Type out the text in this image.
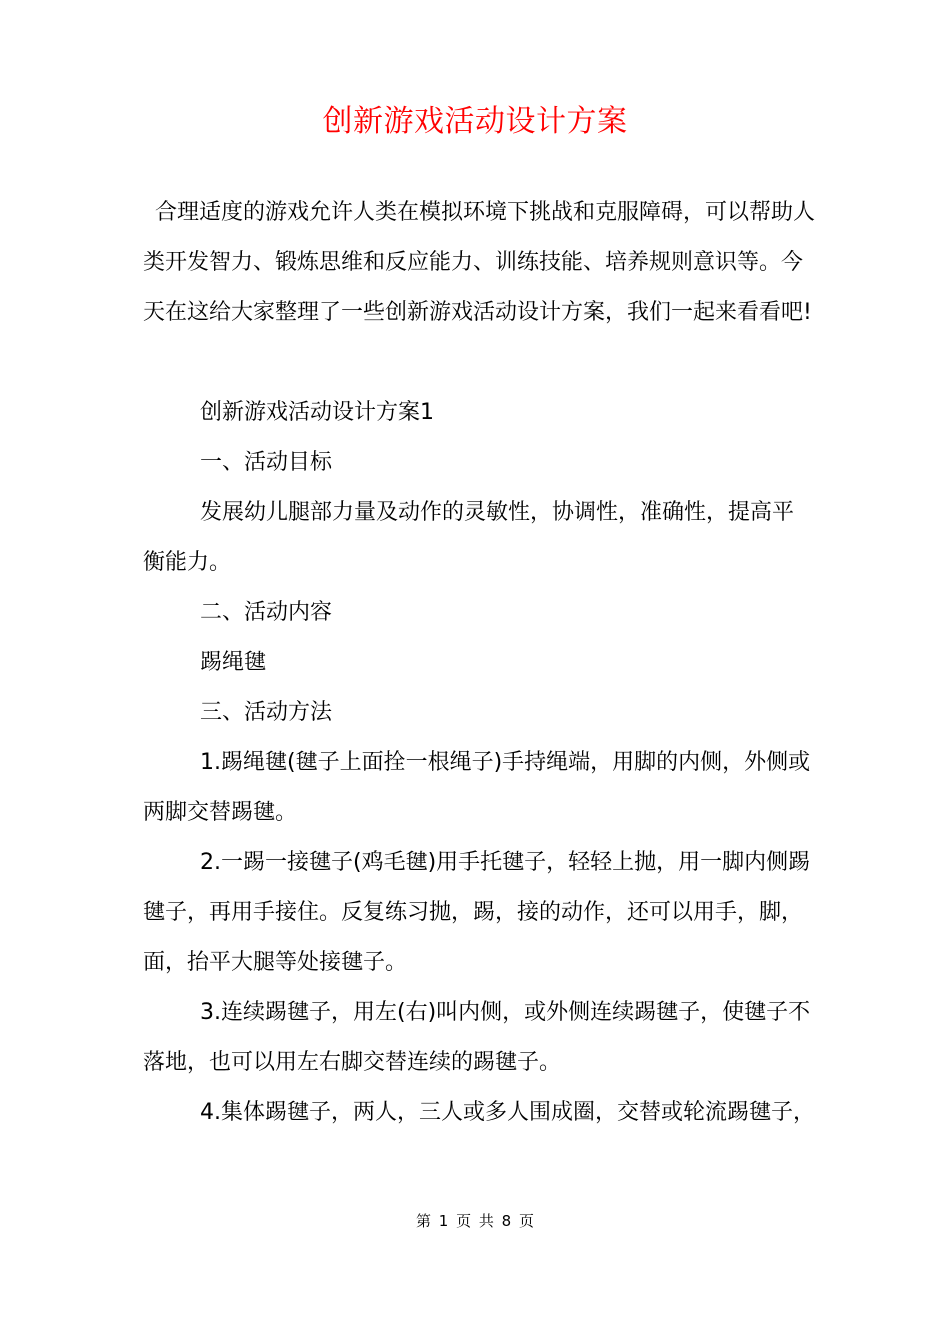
创新游戏活动设计方案

合理适度的游戏允许人类在模拟环境下挑战和克服障碍，可以帮助人类开发智力、锻炼思维和反应能力、训练技能、培养规则意识等。今天在这给大家整理了一些创新游戏活动设计方案，我们一起来看看吧!

创新游戏活动设计方案1

一、活动目标

发展幼儿腿部力量及动作的灵敏性，协调性，准确性，提高平衡能力。

二、活动内容

踢绳毽

三、活动方法

1.踢绳毽(毽子上面拴一根绳子)手持绳端，用脚的内侧，外侧或两脚交替踢毽。

2.一踢一接毽子(鸡毛毽)用手托毽子，轻轻上抛，用一脚内侧踢毽子，再用手接住。反复练习抛，踢，接的动作，还可以用手，脚，面，抬平大腿等处接毽子。

3.连续踢毽子，用左(右)叫内侧，或外侧连续踢毽子，使毽子不落地，也可以用左右脚交替连续的踢毽子。

4.集体踢毽子，两人，三人或多人围成圈，交替或轮流踢毽子，

第 1 页 共 8 页
